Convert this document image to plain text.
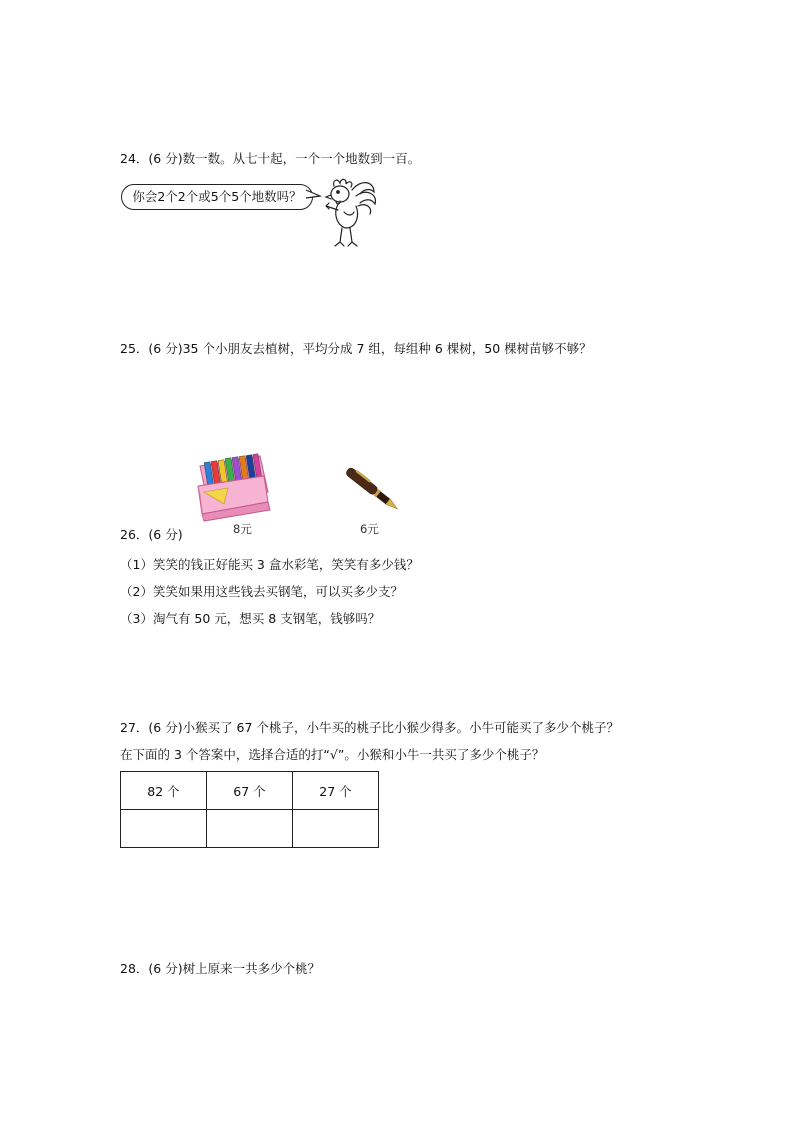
24．(6 分)数一数。从七十起，一个一个地数到一百。
你会2个2个或5个5个地数吗？
25．(6 分)35 个小朋友去植树，平均分成 7 组，每组种 6 棵树，50 棵树苗够不够？
8元	6元
26．(6 分)
（1）笑笑的钱正好能买 3 盒水彩笔，笑笑有多少钱？
（2）笑笑如果用这些钱去买钢笔，可以买多少支？
（3）淘气有 50 元，想买 8 支钢笔，钱够吗？
27．(6 分)小猴买了 67 个桃子，小牛买的桃子比小猴少得多。小牛可能买了多少个桃子？
在下面的 3 个答案中，选择合适的打“√”。小猴和小牛一共买了多少个桃子？
82 个	67 个	27 个

28．(6 分)树上原来一共多少个桃？
